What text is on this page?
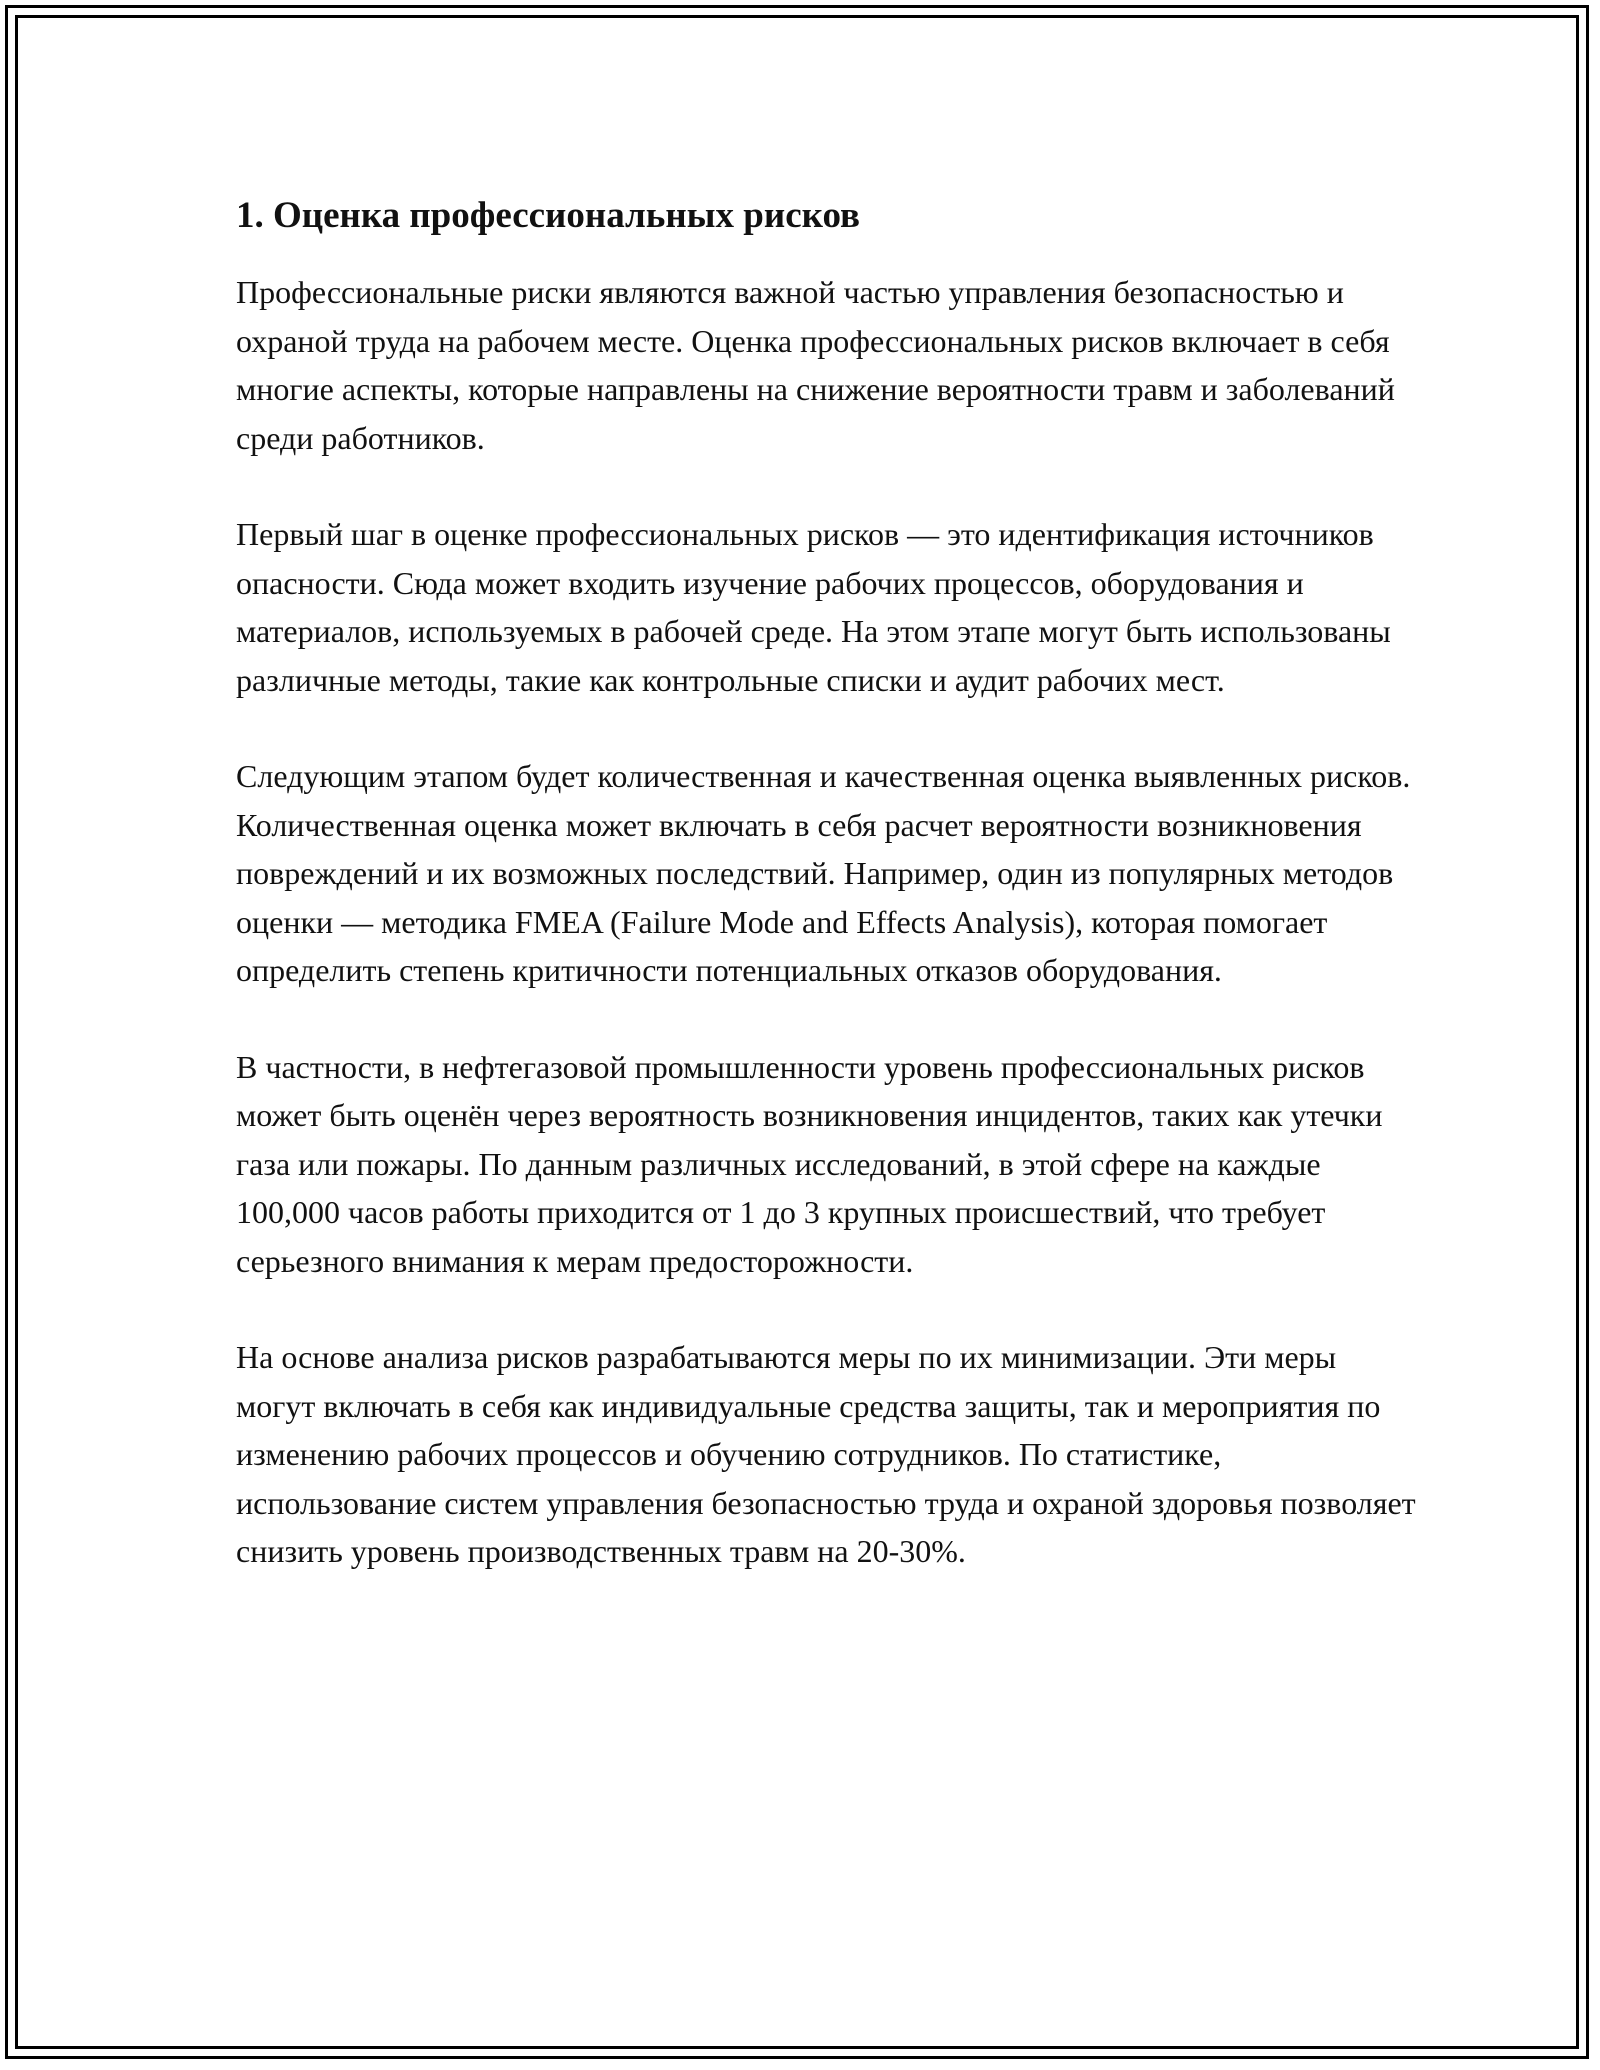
1. Оценка профессиональных рисков

Профессиональные риски являются важной частью управления безопасностью и охраной труда на рабочем месте. Оценка профессиональных рисков включает в себя многие аспекты, которые направлены на снижение вероятности травм и заболеваний среди работников.

Первый шаг в оценке профессиональных рисков — это идентификация источников опасности. Сюда может входить изучение рабочих процессов, оборудования и материалов, используемых в рабочей среде. На этом этапе могут быть использованы различные методы, такие как контрольные списки и аудит рабочих мест.

Следующим этапом будет количественная и качественная оценка выявленных рисков. Количественная оценка может включать в себя расчет вероятности возникновения повреждений и их возможных последствий. Например, один из популярных методов оценки — методика FMEA (Failure Mode and Effects Analysis), которая помогает определить степень критичности потенциальных отказов оборудования.

В частности, в нефтегазовой промышленности уровень профессиональных рисков может быть оценён через вероятность возникновения инцидентов, таких как утечки газа или пожары. По данным различных исследований, в этой сфере на каждые 100,000 часов работы приходится от 1 до 3 крупных происшествий, что требует серьезного внимания к мерам предосторожности.

На основе анализа рисков разрабатываются меры по их минимизации. Эти меры могут включать в себя как индивидуальные средства защиты, так и мероприятия по изменению рабочих процессов и обучению сотрудников. По статистике, использование систем управления безопасностью труда и охраной здоровья позволяет снизить уровень производственных травм на 20-30%.
